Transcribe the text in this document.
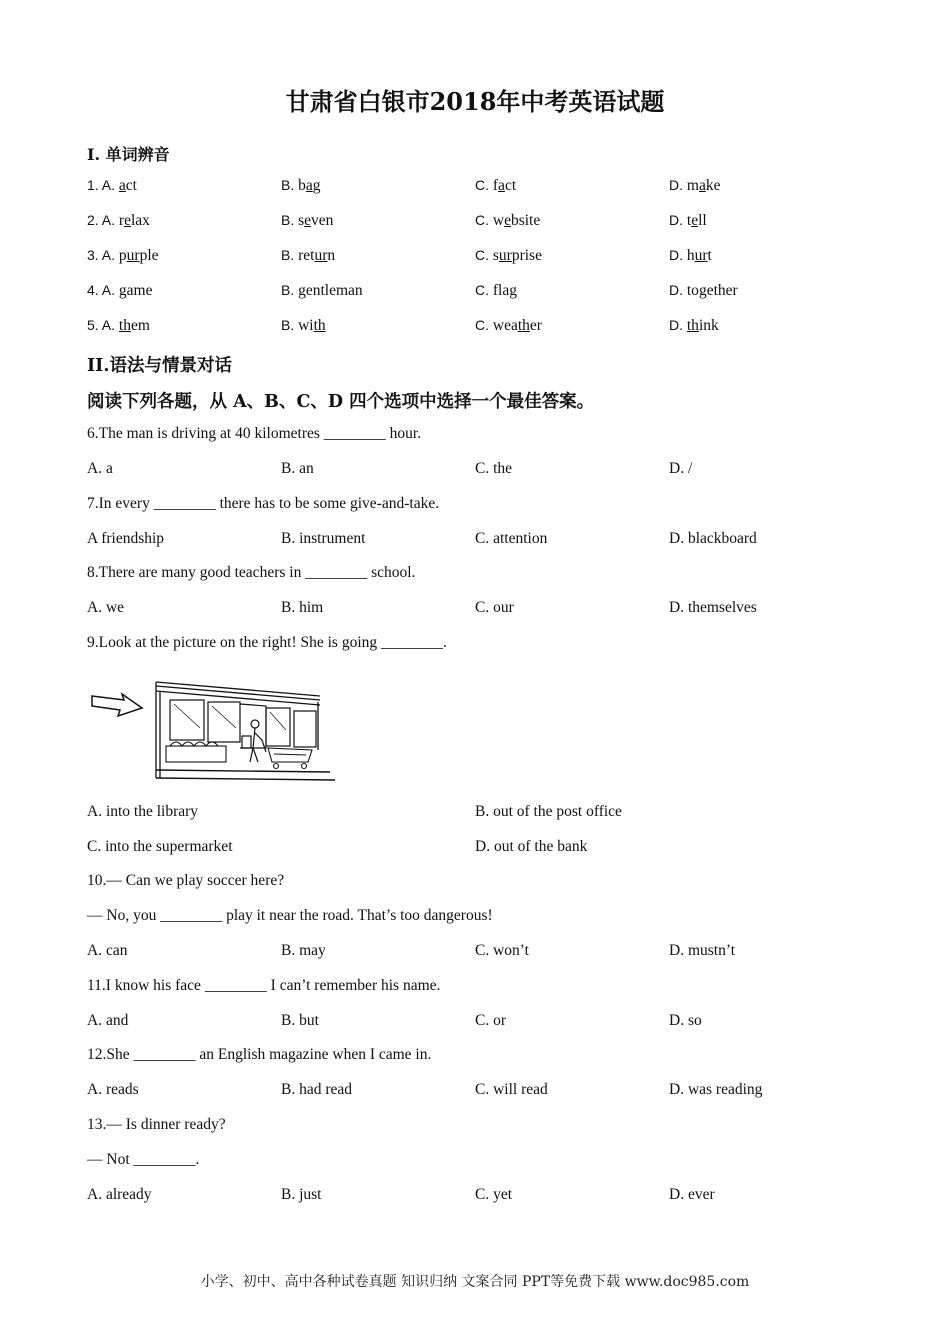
甘肃省白银市2018年中考英语试题
I. 单词辨音
1. A. act	B. bag	C. fact	D. make
2. A. relax	B. seven	C. website	D. tell
3. A. purple	B. return	C. surprise	D. hurt
4. A. game	B. gentleman	C. flag	D. together
5. A. them	B. with	C. weather	D. think
II.语法与情景对话
阅读下列各题，从 A、B、C、D 四个选项中选择一个最佳答案。
6.The man is driving at 40 kilometres ________ hour.
A. a	B. an	C. the	D. /
7.In every ________ there has to be some give-and-take.
A friendship	B. instrument	C. attention	D. blackboard
8.There are many good teachers in ________ school.
A. we	B. him	C. our	D. themselves
9.Look at the picture on the right! She is going ________.
A. into the library	B. out of the post office
C. into the supermarket	D. out of the bank
10.— Can we play soccer here?
— No, you ________ play it near the road. That’s too dangerous!
A. can	B. may	C. won’t	D. mustn’t
11.I know his face ________ I can’t remember his name.
A. and	B. but	C. or	D. so
12.She ________ an English magazine when I came in.
A. reads	B. had read	C. will read	D. was reading
13.— Is dinner ready?
— Not ________.
A. already	B. just	C. yet	D. ever
小学、初中、高中各种试卷真题 知识归纳 文案合同 PPT等免费下载 www.doc985.com
